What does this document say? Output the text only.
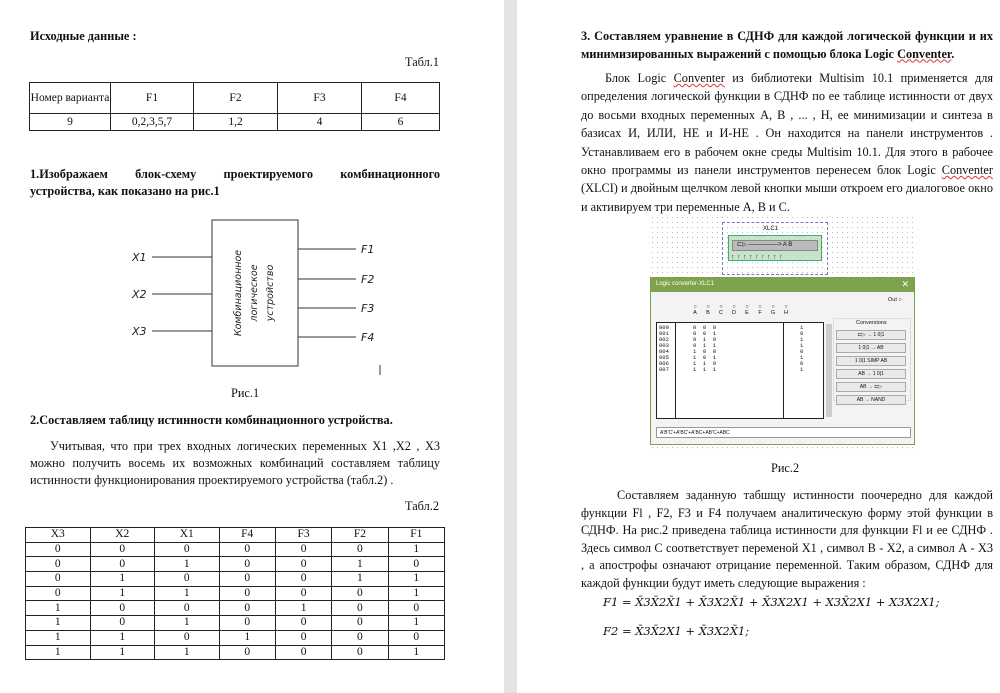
Исходные данные :
Табл.1
Номер варианта	F1	F2	F3	F4
9	0,2,3,5,7	1,2	4	6
1.Изображаем блок-схему проектируемого комбинационного
устройства, как показано на рис.1
X1
X2
X3
F1
F2
F3
F4
Комбинационное логическое устройство
Рис.1
2.Составляем таблицу истинности комбинационного устройства.
Учитывая, что при трех входных логических переменных X1 ,X2 , X3 можно получить восемь их возможных комбинаций составляем таблицу истинности функционирования проектируемого устройства (табл.2) .
Табл.2
X3	X2	X1	F4	F3	F2	F1
0	0	0	0	0	0	1
0	0	1	0	0	1	0
0	1	0	0	0	1	1
0	1	1	0	0	0	1
1	0	0	0	1	0	0
1	0	1	0	0	0	1
1	1	0	1	0	0	0
1	1	1	0	0	0	1
3. Составляем уравнение в СДНФ для каждой логической функции и их минимизированных выражений с помощью блока Logic Conventer.
Блок Logic Conventer из библиотеки Multisim 10.1 применяется для определения логической функции в СДНФ по ее таблице истинности от двух до восьми входных переменных А, В , ... , Н, ее минимизации и синтеза в базисах И, ИЛИ, НЕ и И-НЕ . Он находится на панели инструментов . Устанавливаем его в рабочем окне среды Multisim 10.1. Для этого в рабочее окно программы из панели инструментов перенесем блок Logic Conventer (XLCI) и двойным щелчком левой кнопки мыши откроем его диалоговое окно и активируем три переменные А, В и С.
Рис.2
Составляем заданную табшщу истинности поочередно для каждой функции Fl , F2, F3 и F4 получаем аналитическую форму этой функции в СДНФ. На рис.2 приведена таблица истинности для функции Fl и ее СДНФ . Здесь символ С соответствует переменой X1 , символ В - X2, а символ А - X3 , а апострофы означают отрицание переменной. Таким образом, СДНФ для каждой функции будут иметь следующие выражения :
F1 = X̄3X̄2X̄1 + X̄3X2X̄1 + X̄3X2X1 + X3X̄2X1 + X3X2X1;
F2 = X̄3X̄2X1 + X̄3X2X̄1;
XLC1
⊏▷ ───────> A B
↑↑↑↑↑↑↑↑↑
Logic converter-XLC1	✕
Out ○
○
A
○
B
○
C
○
D
○
E
○
F
○
G
○
H
000	0  0  0	1
001	0  0  1	0
002	0  1  0	1
003	0  1  1	1
004	1  0  0	0
005	1  0  1	1
006	1  1  0	0
007	1  1  1	1
Conversions
⊏▷ → 1 0|1
1 0|1 → AB
1 0|1 SIMP AB
AB → 1 0|1
AB → ⊏▷
AB → NAND
A'B'C'+A'BC'+A'BC+AB'C+ABC
